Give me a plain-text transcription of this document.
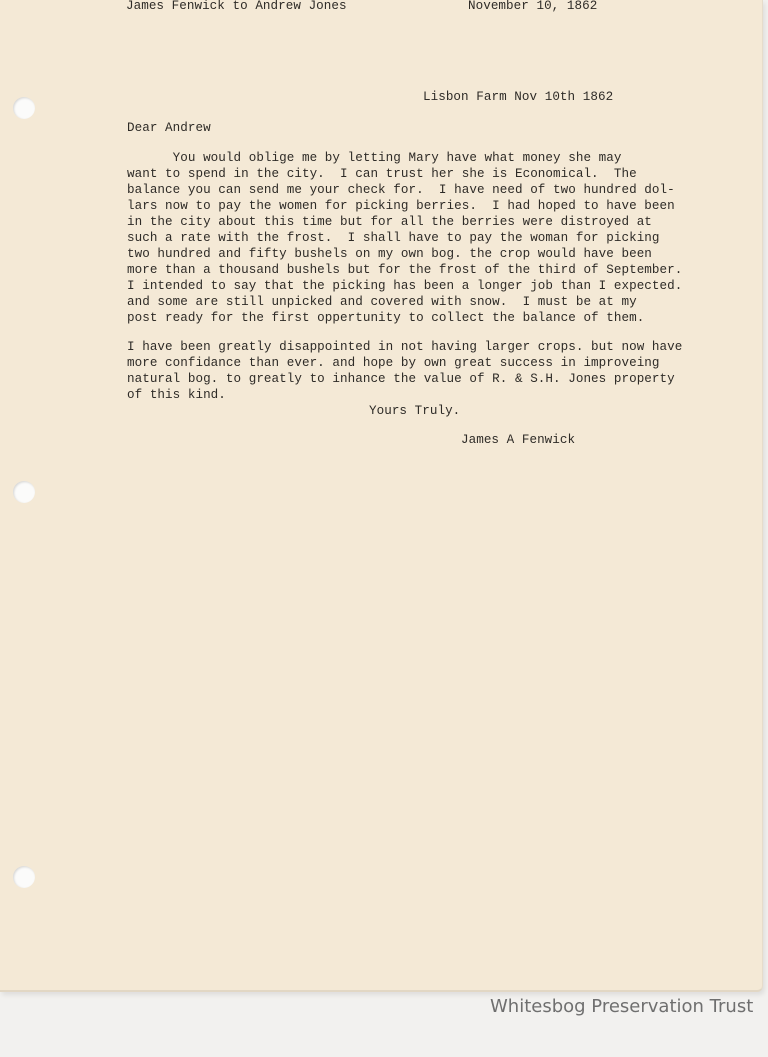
James Fenwick to Andrew Jones	November 10, 1862
Lisbon Farm Nov 10th 1862
Dear Andrew
You would oblige me by letting Mary have what money she may
want to spend in the city.  I can trust her she is Economical.  The
balance you can send me your check for.  I have need of two hundred dol-
lars now to pay the women for picking berries.  I had hoped to have been
in the city about this time but for all the berries were distroyed at
such a rate with the frost.  I shall have to pay the woman for picking
two hundred and fifty bushels on my own bog. the crop would have been
more than a thousand bushels but for the frost of the third of September.
I intended to say that the picking has been a longer job than I expected.
and some are still unpicked and covered with snow.  I must be at my
post ready for the first oppertunity to collect the balance of them.
I have been greatly disappointed in not having larger crops. but now have
more confidance than ever. and hope by own great success in improveing
natural bog. to greatly to inhance the value of R. & S.H. Jones property
of this kind.
Yours Truly.
James A Fenwick
Whitesbog Preservation Trust
